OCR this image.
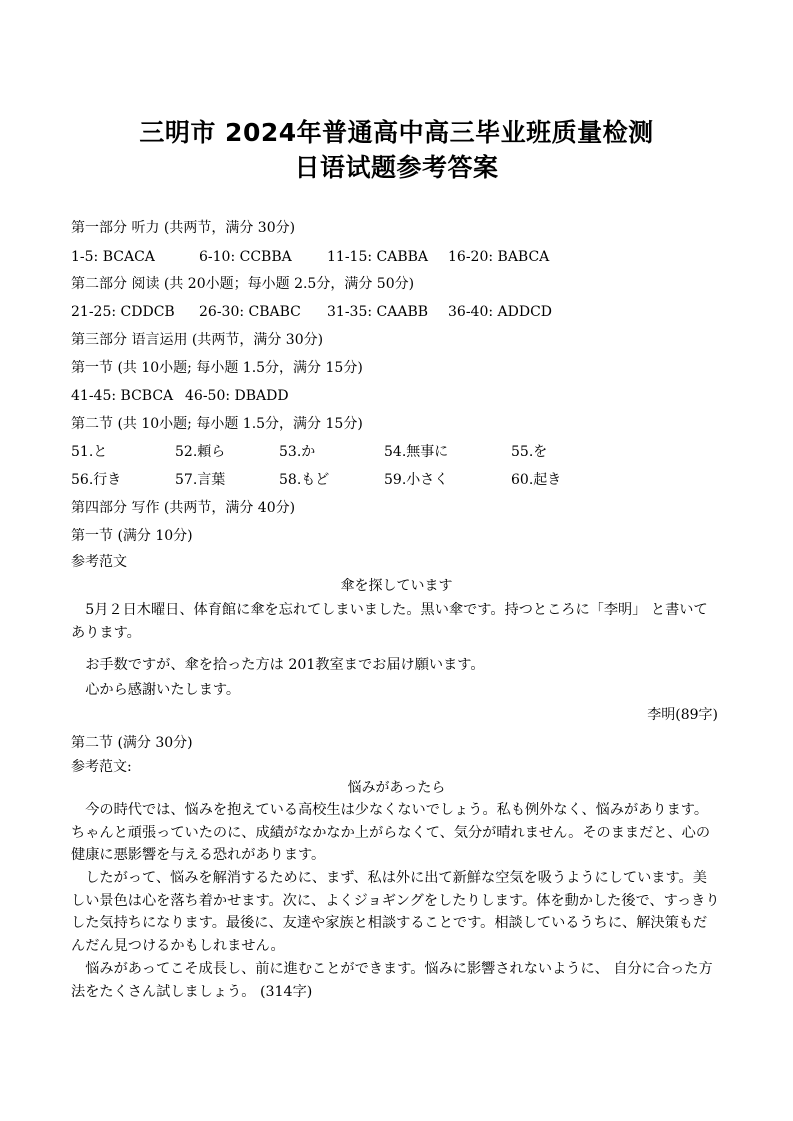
三明市 2024年普通高中高三毕业班质量检测
日语试题参考答案
第一部分 听力 (共两节，满分 30分)
1-5: BCACA	6-10: CCBBA	11-15: CABBA 16-20: BABCA
第二部分 阅读 (共 20小题；每小题 2.5分，满分 50分)
21-25: CDDCB 26-30: CBABC 31-35: CAABB 36-40: ADDCD
第三部分 语言运用 (共两节，满分 30分)
第一节 (共 10小题; 每小题 1.5分，满分 15分)
41-45: BCBCA 46-50: DBADD
第二节 (共 10小题; 每小题 1.5分，满分 15分)
51.と	52.頼ら	53.か	54.無事に	55.を
56.行き	57.言葉	58.もど	59.小さく	60.起き
第四部分 写作 (共两节，满分 40分)
第一节 (满分 10分)
参考范文
傘を探しています
　5月２日木曜日、体育館に傘を忘れてしまいました。黒い傘です。持つところに「李明」 と書いてあります。
　お手数ですが、傘を拾った方は 201教室までお届け願います。
　心から感謝いたします。
李明(89字)
第二节 (满分 30分)
参考范文:
悩みがあったら
　今の時代では、悩みを抱えている高校生は少なくないでしょう。私も例外なく、悩みがあります。 ちゃんと頑張っていたのに、成績がなかなか上がらなくて、気分が晴れません。そのままだと、心の健康に悪影響を与える恐れがあります。
　したがって、悩みを解消するために、まず、私は外に出て新鮮な空気を吸うようにしています。美しい景色は心を落ち着かせます。次に、よくジョギングをしたりします。体を動かした後で、すっきりした気持ちになります。最後に、友達や家族と相談することです。相談しているうちに、解決策もだんだん見つけるかもしれません。
　悩みがあってこそ成長し、前に進むことができます。悩みに影響されないように、 自分に合った方法をたくさん試しましょう。 (314字)
